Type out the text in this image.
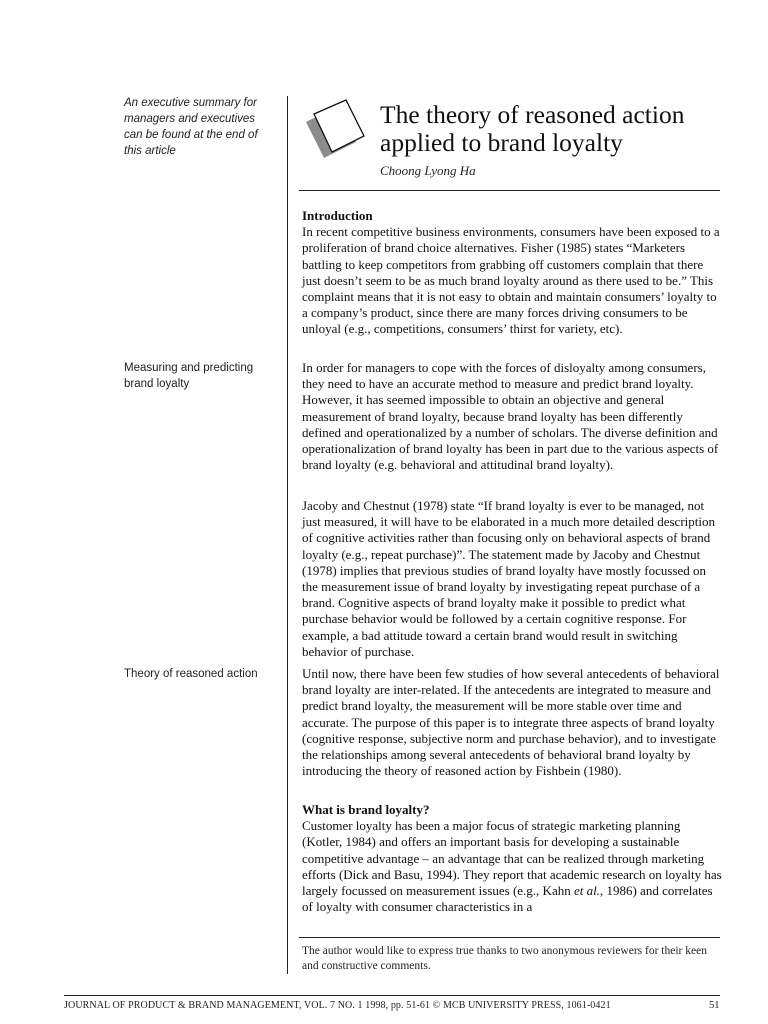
An executive summary for managers and executives can be found at the end of this article
Measuring and predicting brand loyalty
Theory of reasoned action
The theory of reasoned action applied to brand loyalty
Choong Lyong Ha

Introduction

In recent competitive business environments, consumers have been exposed to a proliferation of brand choice alternatives. Fisher (1985) states “Marketers battling to keep competitors from grabbing off customers complain that there just doesn’t seem to be as much brand loyalty around as there used to be.” This complaint means that it is not easy to obtain and maintain consumers’ loyalty to a company’s product, since there are many forces driving consumers to be unloyal (e.g., competitions, consumers’ thirst for variety, etc).

In order for managers to cope with the forces of disloyalty among consumers, they need to have an accurate method to measure and predict brand loyalty. However, it has seemed impossible to obtain an objective and general measurement of brand loyalty, because brand loyalty has been differently defined and operationalized by a number of scholars. The diverse definition and operationalization of brand loyalty has been in part due to the various aspects of brand loyalty (e.g. behavioral and attitudinal brand loyalty).
Jacoby and Chestnut (1978) state “If brand loyalty is ever to be managed, not just measured, it will have to be elaborated in a much more detailed description of cognitive activities rather than focusing only on behavioral aspects of brand loyalty (e.g., repeat purchase)”. The statement made by Jacoby and Chestnut (1978) implies that previous studies of brand loyalty have mostly focussed on the measurement issue of brand loyalty by investigating repeat purchase of a brand. Cognitive aspects of brand loyalty make it possible to predict what purchase behavior would be followed by a certain cognitive response. For example, a bad attitude toward a certain brand would result in switching behavior of purchase.
Until now, there have been few studies of how several antecedents of behavioral brand loyalty are inter-related. If the antecedents are integrated to measure and predict brand loyalty, the measurement will be more stable over time and accurate. The purpose of this paper is to integrate three aspects of brand loyalty (cognitive response, subjective norm and purchase behavior), and to investigate the relationships among several antecedents of behavioral brand loyalty by introducing the theory of reasoned action by Fishbein (1980).

What is brand loyalty?

Customer loyalty has been a major focus of strategic marketing planning (Kotler, 1984) and offers an important basis for developing a sustainable competitive advantage – an advantage that can be realized through marketing efforts (Dick and Basu, 1994). They report that academic research on loyalty has largely focussed on measurement issues (e.g., Kahn et al., 1986) and correlates of loyalty with consumer characteristics in a

The author would like to express true thanks to two anonymous reviewers for their keen and constructive comments.
JOURNAL OF PRODUCT & BRAND MANAGEMENT, VOL. 7 NO. 1 1998, pp. 51-61 © MCB UNIVERSITY PRESS, 1061-0421	51
